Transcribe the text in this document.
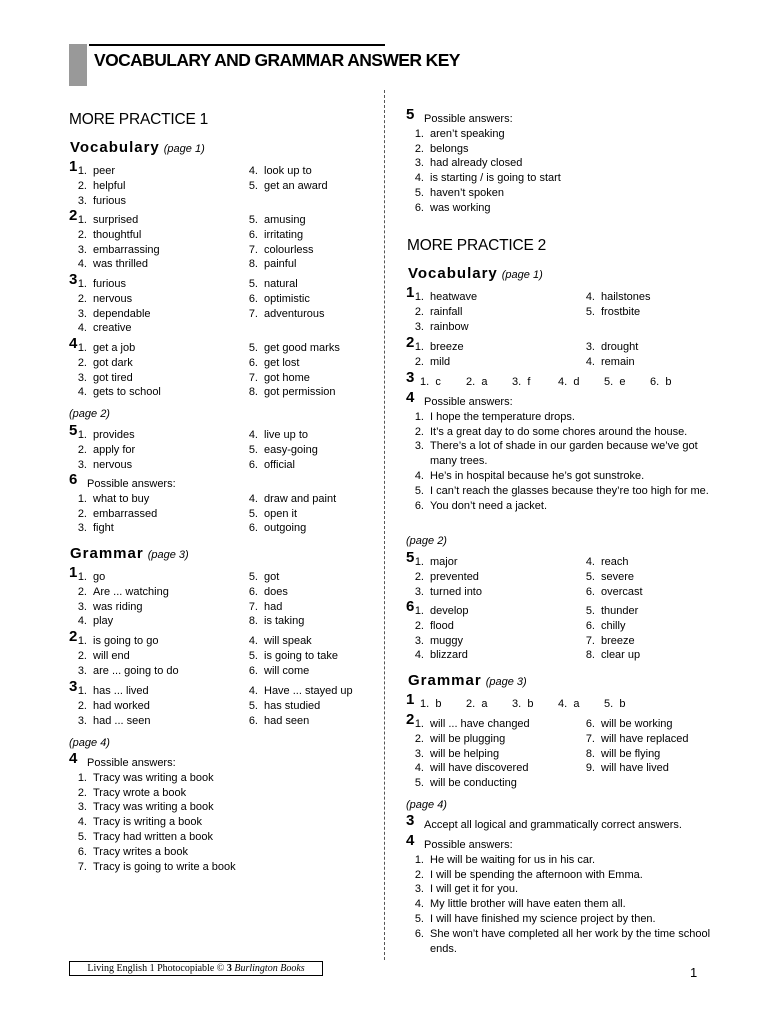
VOCABULARY AND GRAMMAR ANSWER KEY
MORE PRACTICE 1
Vocabulary (page 1)
1 1. peer
2. helpful
3. furious
4. look up to
5. get an award
2 1. surprised
2. thoughtful
3. embarrassing
4. was thrilled
5. amusing
6. irritating
7. colourless
8. painful
3 1. furious
2. nervous
3. dependable
4. creative
5. natural
6. optimistic
7. adventurous
4 1. get a job
2. got dark
3. got tired
4. gets to school
5. get good marks
6. get lost
7. got home
8. got permission
(page 2)
5 1. provides
2. apply for
3. nervous
4. live up to
5. easy-going
6. official
6 Possible answers:
1. what to buy
2. embarrassed
3. fight
4. draw and paint
5. open it
6. outgoing
Grammar (page 3)
1 1. go
2. Are ... watching
3. was riding
4. play
5. got
6. does
7. had
8. is taking
2 1. is going to go
2. will end
3. are ... going to do
4. will speak
5. is going to take
6. will come
3 1. has ... lived
2. had worked
3. had ... seen
4. Have ... stayed up
5. has studied
6. had seen
(page 4)
4 Possible answers:
1. Tracy was writing a book
2. Tracy wrote a book
3. Tracy was writing a book
4. Tracy is writing a book
5. Tracy had written a book
6. Tracy writes a book
7. Tracy is going to write a book
5 Possible answers:
1. aren’t speaking
2. belongs
3. had already closed
4. is starting / is going to start
5. haven’t spoken
6. was working
MORE PRACTICE 2
Vocabulary (page 1)
1 1. heatwave
2. rainfall
3. rainbow
4. hailstones
5. frostbite
2 1. breeze
2. mild
3. drought
4. remain
3 1. c 2. a 3. f	4. d 5. e 6. b
4 Possible answers:
1. I hope the temperature drops.
2. It’s a great day to do some chores around the house.
3. There’s a lot of shade in our garden because we’ve got many trees.
4. He’s in hospital because he’s got sunstroke.
5. I can’t reach the glasses because they’re too high for me.
6. You don’t need a jacket.
(page 2)
5 1. major
2. prevented
3. turned into
4. reach
5. severe
6. overcast
6 1. develop
2. flood
3. muggy
4. blizzard
5. thunder
6. chilly
7. breeze
8. clear up
Grammar (page 3)
1 1. b 2. a 3. b 4. a 5. b
2 1. will ... have changed
2. will be plugging
3. will be helping
4. will have discovered
5. will be conducting
6. will be working
7. will have replaced
8. will be flying
9. will have lived
(page 4)
3 Accept all logical and grammatically correct answers.
4 Possible answers:
1. He will be waiting for us in his car.
2. I will be spending the afternoon with Emma.
3. I will get it for you.
4. My little brother will have eaten them all.
5. I will have finished my science project by then.
6. She won’t have completed all her work by the time school ends.
Living English 1 Photocopiable © 3 Burlington Books	1
